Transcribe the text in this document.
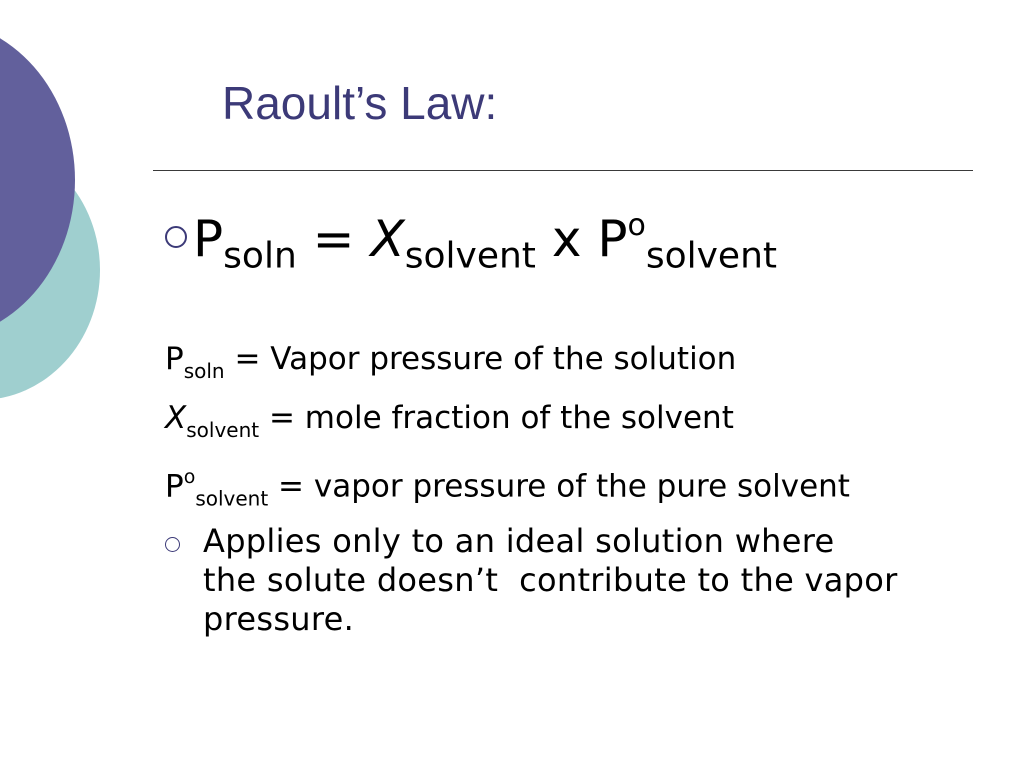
Raoult’s Law:
$P_{soln} = X_{solvent}$ x $P^o_{solvent}$
$P_{soln}$ = Vapor pressure of the solution
$X_{solvent}$ = mole fraction of the solvent
$P^o_{solvent}$ = vapor pressure of the pure solvent
Applies only to an ideal solution where
the solute doesn’t  contribute to the vapor
pressure.
